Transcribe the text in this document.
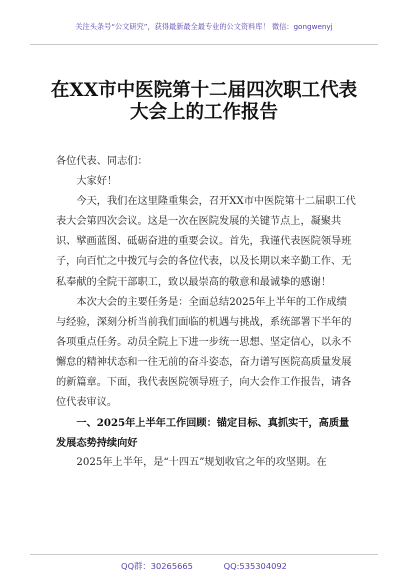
关注头条号“公文研究”，获得最新最全最专业的公文资料库！ 微信：gongwenyj
在XX市中医院第十二届四次职工代表
大会上的工作报告

各位代表、同志们：

大家好！

今天，我们在这里隆重集会，召开XX市中医院第十二届职工代表大会第四次会议。这是一次在医院发展的关键节点上，凝聚共识、擘画蓝图、砥砺奋进的重要会议。首先，我谨代表医院领导班子，向百忙之中拨冗与会的各位代表，以及长期以来辛勤工作、无私奉献的全院干部职工，致以最崇高的敬意和最诚挚的感谢！

本次大会的主要任务是：全面总结2025年上半年的工作成绩与经验，深刻分析当前我们面临的机遇与挑战，系统部署下半年的各项重点任务。动员全院上下进一步统一思想、坚定信心，以永不懈怠的精神状态和一往无前的奋斗姿态，奋力谱写医院高质量发展的新篇章。下面，我代表医院领导班子，向大会作工作报告，请各位代表审议。

一、2025年上半年工作回顾：锚定目标、真抓实干，高质量发展态势持续向好

2025年上半年，是“十四五”规划收官之年的攻坚期。在

QQ群：30265665	QQ:535304092
